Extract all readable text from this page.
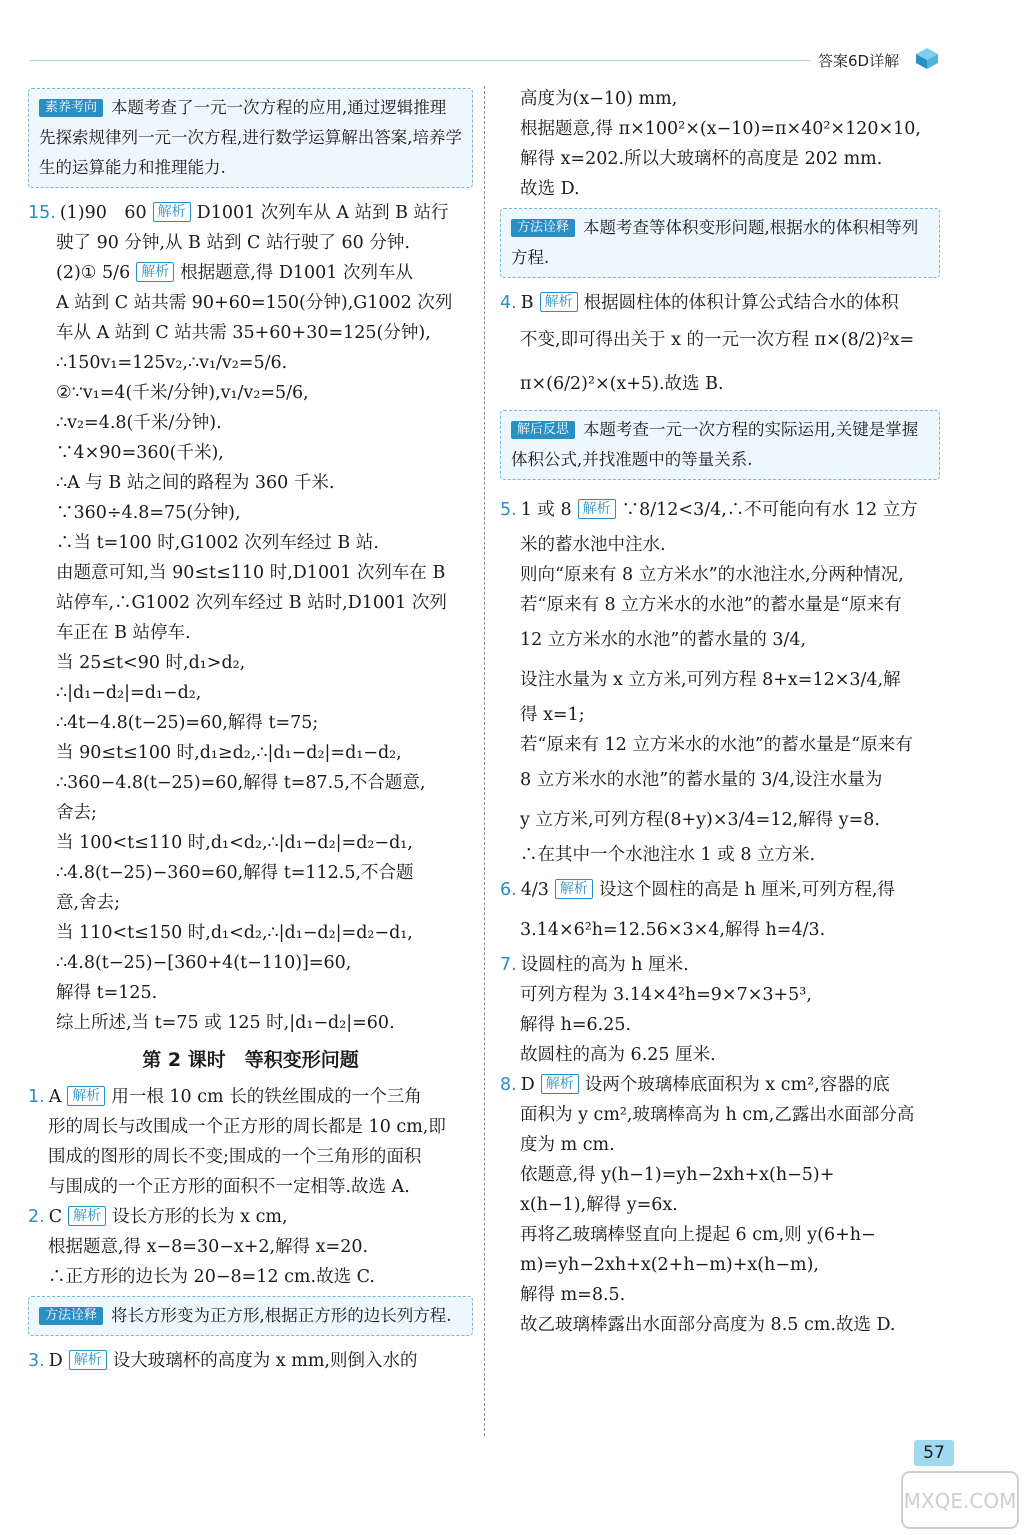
答案6D详解
素养考向 本题考查了一元一次方程的应用,通过逻辑推理先探索规律列一元一次方程,进行数学运算解出答案,培养学生的运算能力和推理能力.

15. (1)90　60 解析 D1001 次列车从 A 站到 B 站行

驶了 90 分钟,从 B 站到 C 站行驶了 60 分钟.

(2)① 5/6 解析 根据题意,得 D1001 次列车从

A 站到 C 站共需 90+60=150(分钟),G1002 次列

车从 A 站到 C 站共需 35+60+30=125(分钟),

∴150v₁=125v₂,∴v₁/v₂=5/6.

②∵v₁=4(千米/分钟),v₁/v₂=5/6,

∴v₂=4.8(千米/分钟).

∵4×90=360(千米),

∴A 与 B 站之间的路程为 360 千米.

∵360÷4.8=75(分钟),

∴当 t=100 时,G1002 次列车经过 B 站.

由题意可知,当 90≤t≤110 时,D1001 次列车在 B

站停车,∴G1002 次列车经过 B 站时,D1001 次列

车正在 B 站停车.

当 25≤t<90 时,d₁>d₂,

∴|d₁−d₂|=d₁−d₂,

∴4t−4.8(t−25)=60,解得 t=75;

当 90≤t≤100 时,d₁≥d₂,∴|d₁−d₂|=d₁−d₂,

∴360−4.8(t−25)=60,解得 t=87.5,不合题意,

舍去;

当 100<t≤110 时,d₁<d₂,∴|d₁−d₂|=d₂−d₁,

∴4.8(t−25)−360=60,解得 t=112.5,不合题

意,舍去;

当 110<t≤150 时,d₁<d₂,∴|d₁−d₂|=d₂−d₁,

∴4.8(t−25)−[360+4(t−110)]=60,

解得 t=125.

综上所述,当 t=75 或 125 时,|d₁−d₂|=60.

第 2 课时　等积变形问题

1. A 解析 用一根 10 cm 长的铁丝围成的一个三角

形的周长与改围成一个正方形的周长都是 10 cm,即

围成的图形的周长不变;围成的一个三角形的面积

与围成的一个正方形的面积不一定相等.故选 A.

2. C 解析 设长方形的长为 x cm,

根据题意,得 x−8=30−x+2,解得 x=20.

∴正方形的边长为 20−8=12 cm.故选 C.

方法诠释 将长方形变为正方形,根据正方形的边长列方程.

3. D 解析 设大玻璃杯的高度为 x mm,则倒入水的

高度为(x−10) mm,

根据题意,得 π×100²×(x−10)=π×40²×120×10,

解得 x=202.所以大玻璃杯的高度是 202 mm.

故选 D.

方法诠释 本题考查等体积变形问题,根据水的体积相等列方程.

4. B 解析 根据圆柱体的体积计算公式结合水的体积

不变,即可得出关于 x 的一元一次方程 π×(8/2)²x=

π×(6/2)²×(x+5).故选 B.

解后反思 本题考查一元一次方程的实际运用,关键是掌握体积公式,并找准题中的等量关系.

5. 1 或 8 解析 ∵8/12<3/4,∴不可能向有水 12 立方

米的蓄水池中注水.

则向“原来有 8 立方米水”的水池注水,分两种情况,

若“原来有 8 立方米水的水池”的蓄水量是“原来有

12 立方米水的水池”的蓄水量的 3/4,

设注水量为 x 立方米,可列方程 8+x=12×3/4,解

得 x=1;

若“原来有 12 立方米水的水池”的蓄水量是“原来有

8 立方米水的水池”的蓄水量的 3/4,设注水量为

y 立方米,可列方程(8+y)×3/4=12,解得 y=8.

∴在其中一个水池注水 1 或 8 立方米.

6. 4/3 解析 设这个圆柱的高是 h 厘米,可列方程,得

3.14×6²h=12.56×3×4,解得 h=4/3.

7. 设圆柱的高为 h 厘米.

可列方程为 3.14×4²h=9×7×3+5³,

解得 h=6.25.

故圆柱的高为 6.25 厘米.

8. D 解析 设两个玻璃棒底面积为 x cm²,容器的底

面积为 y cm²,玻璃棒高为 h cm,乙露出水面部分高

度为 m cm.

依题意,得 y(h−1)=yh−2xh+x(h−5)+

x(h−1),解得 y=6x.

再将乙玻璃棒竖直向上提起 6 cm,则 y(6+h−

m)=yh−2xh+x(2+h−m)+x(h−m),

解得 m=8.5.

故乙玻璃棒露出水面部分高度为 8.5 cm.故选 D.

57
MXQE.COM
